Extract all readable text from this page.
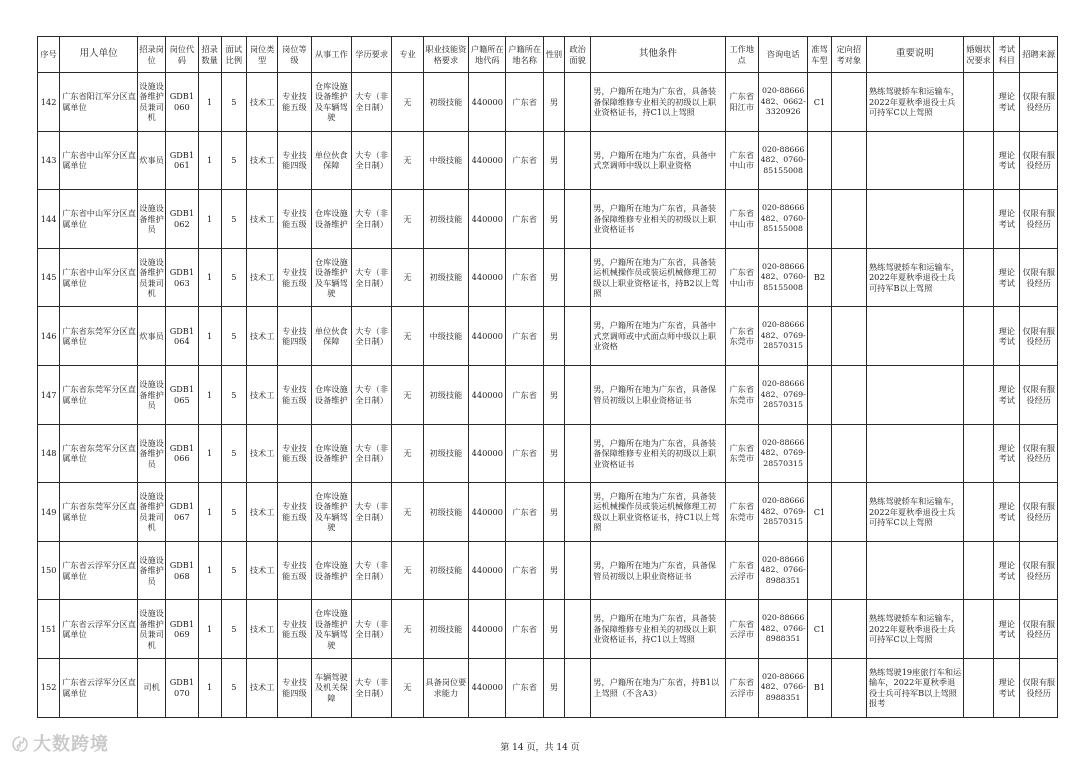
序号	用人单位	招录岗位	岗位代码	招录数量	面试比例	岗位类型	岗位等级	从事工作	学历要求	专业	职业技能资格要求	户籍所在地代码	户籍所在地名称	性别	政治面貌	其他条件	工作地点	咨询电话	准驾车型	定向招考对象	重要说明	婚姻状况要求	考试科目	招聘来源
142	广东省阳江军分区直属单位	设施设备维护员兼司机	GDB1060	1	5	技术工	专业技能五级	仓库设施设备维护及车辆驾驶	大专（非全日制）	无	初级技能	440000	广东省	男		男，户籍所在地为广东省，具备装备保障维修专业相关的初级以上职业资格证书，持C1以上驾照	广东省阳江市	020-88666482、0662-3320926	C1		熟练驾驶轿车和运输车，2022年夏秋季退役士兵可持军C以上驾照		理论考试	仅限有服役经历
143	广东省中山军分区直属单位	炊事员	GDB1061	1	5	技术工	专业技能四级	单位伙食保障	大专（非全日制）	无	中级技能	440000	广东省	男		男，户籍所在地为广东省，具备中式烹调师中级以上职业资格	广东省中山市	020-88666482、0760-85155008					理论考试	仅限有服役经历
144	广东省中山军分区直属单位	设施设备维护员	GDB1062	1	5	技术工	专业技能五级	仓库设施设备维护	大专（非全日制）	无	初级技能	440000	广东省	男		男，户籍所在地为广东省，具备装备保障维修专业相关的初级以上职业资格证书	广东省中山市	020-88666482、0760-85155008					理论考试	仅限有服役经历
145	广东省中山军分区直属单位	设施设备维护员兼司机	GDB1063	1	5	技术工	专业技能五级	仓库设施设备维护及车辆驾驶	大专（非全日制）	无	初级技能	440000	广东省	男		男，户籍所在地为广东省，具备装运机械操作员或装运机械修理工初级以上职业资格证书，持B2以上驾照	广东省中山市	020-88666482、0760-85155008	B2		熟练驾驶轿车和运输车，2022年夏秋季退役士兵可持军B以上驾照		理论考试	仅限有服役经历
146	广东省东莞军分区直属单位	炊事员	GDB1064	1	5	技术工	专业技能四级	单位伙食保障	大专（非全日制）	无	中级技能	440000	广东省	男		男，户籍所在地为广东省，具备中式烹调师或中式面点师中级以上职业资格	广东省东莞市	020-88666482、0769-28570315					理论考试	仅限有服役经历
147	广东省东莞军分区直属单位	设施设备维护员	GDB1065	1	5	技术工	专业技能五级	仓库设施设备维护	大专（非全日制）	无	初级技能	440000	广东省	男		男，户籍所在地为广东省，具备保管员初级以上职业资格证书	广东省东莞市	020-88666482、0769-28570315					理论考试	仅限有服役经历
148	广东省东莞军分区直属单位	设施设备维护员	GDB1066	1	5	技术工	专业技能五级	仓库设施设备维护	大专（非全日制）	无	初级技能	440000	广东省	男		男，户籍所在地为广东省，具备装备保障维修专业相关的初级以上职业资格证书	广东省东莞市	020-88666482、0769-28570315					理论考试	仅限有服役经历
149	广东省东莞军分区直属单位	设施设备维护员兼司机	GDB1067	1	5	技术工	专业技能五级	仓库设施设备维护及车辆驾驶	大专（非全日制）	无	初级技能	440000	广东省	男		男，户籍所在地为广东省，具备装运机械操作员或装运机械修理工初级以上职业资格证书，持C1以上驾照	广东省东莞市	020-88666482、0769-28570315	C1		熟练驾驶轿车和运输车，2022年夏秋季退役士兵可持军C以上驾照		理论考试	仅限有服役经历
150	广东省云浮军分区直属单位	设施设备维护员	GDB1068	1	5	技术工	专业技能五级	仓库设施设备维护	大专（非全日制）	无	初级技能	440000	广东省	男		男，户籍所在地为广东省，具备保管员初级以上职业资格证书	广东省云浮市	020-88666482、0766-8988351					理论考试	仅限有服役经历
151	广东省云浮军分区直属单位	设施设备维护员兼司机	GDB1069	1	5	技术工	专业技能五级	仓库设施设备维护及车辆驾驶	大专（非全日制）	无	初级技能	440000	广东省	男		男，户籍所在地为广东省，具备装备保障维修专业相关的初级以上职业资格证书，持C1以上驾照	广东省云浮市	020-88666482、0766-8988351	C1		熟练驾驶轿车和运输车，2022年夏秋季退役士兵可持军C以上驾照		理论考试	仅限有服役经历
152	广东省云浮军分区直属单位	司机	GDB1070	1	5	技术工	专业技能四级	车辆驾驶及机关保障	大专（非全日制）	无	具备岗位要求能力	440000	广东省	男		男，户籍所在地为广东省，持B1以上驾照（不含A3）	广东省云浮市	020-88666482、0766-8988351	B1		熟练驾驶19座旅行车和运输车，2022年夏秋季退役士兵可持军B以上驾照报考		理论考试	仅限有服役经历
〄 大数跨境	第 14 页，共 14 页
